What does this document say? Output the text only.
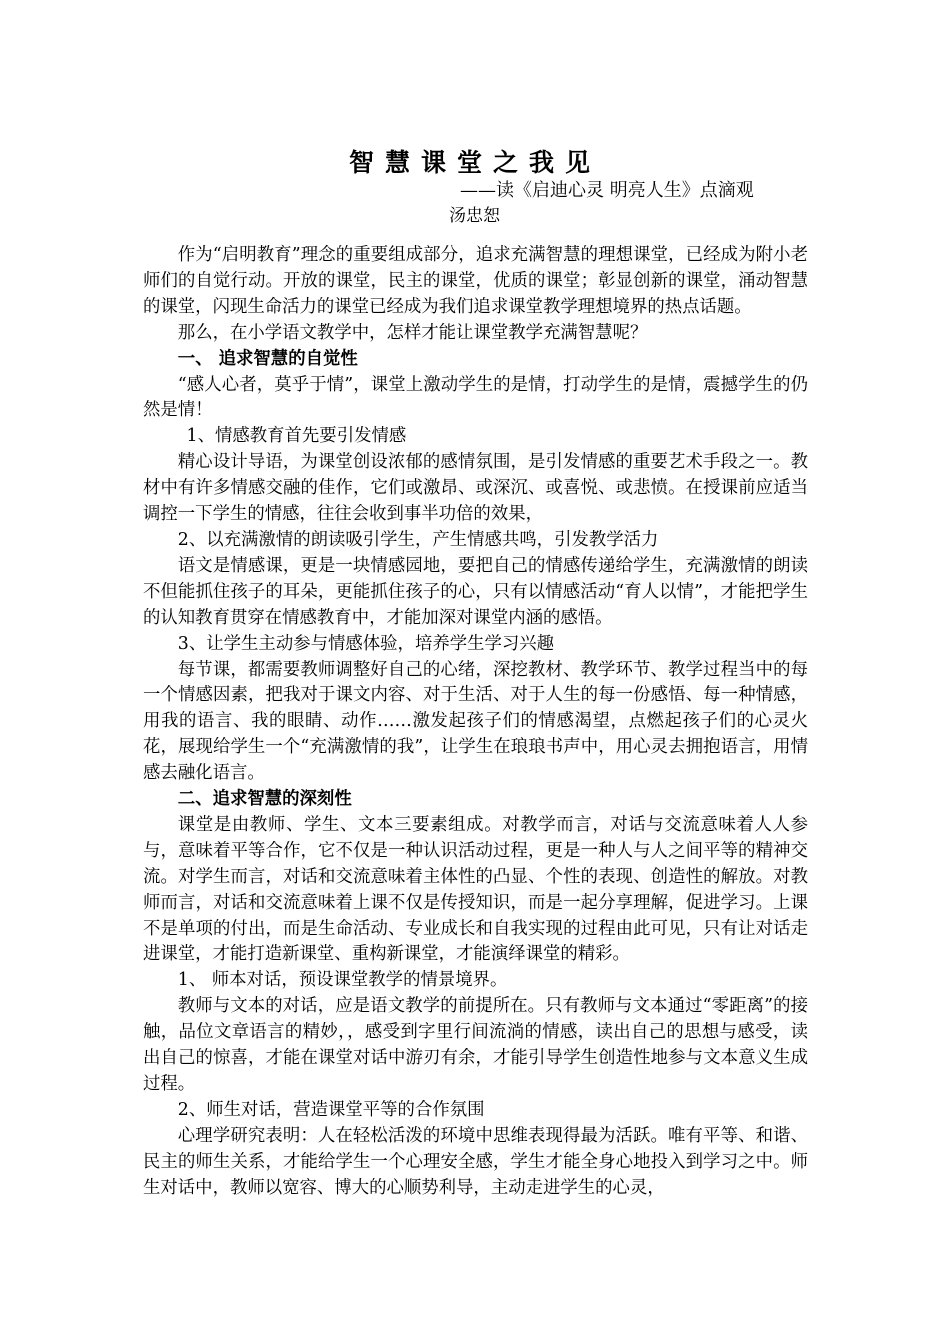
智慧课堂之我见
——读《启迪心灵 明亮人生》点滴观
汤忠恕

作为“启明教育”理念的重要组成部分，追求充满智慧的理想课堂，已经成为附小老师们的自觉行动。开放的课堂，民主的课堂，优质的课堂；彰显创新的课堂，涌动智慧的课堂，闪现生命活力的课堂已经成为我们追求课堂教学理想境界的热点话题。

那么，在小学语文教学中，怎样才能让课堂教学充满智慧呢？

一、 追求智慧的自觉性

“感人心者，莫乎于情”，课堂上激动学生的是情，打动学生的是情，震撼学生的仍然是情！

1、情感教育首先要引发情感

精心设计导语，为课堂创设浓郁的感情氛围，是引发情感的重要艺术手段之一。教材中有许多情感交融的佳作，它们或激昂、或深沉、或喜悦、或悲愤。在授课前应适当调控一下学生的情感，往往会收到事半功倍的效果，

2、以充满激情的朗读吸引学生，产生情感共鸣，引发教学活力

语文是情感课，更是一块情感园地，要把自己的情感传递给学生，充满激情的朗读不但能抓住孩子的耳朵，更能抓住孩子的心，只有以情感活动“育人以情”，才能把学生的认知教育贯穿在情感教育中，才能加深对课堂内涵的感悟。

3、让学生主动参与情感体验，培养学生学习兴趣

每节课，都需要教师调整好自己的心绪，深挖教材、教学环节、教学过程当中的每一个情感因素，把我对于课文内容、对于生活、对于人生的每一份感悟、每一种情感，用我的语言、我的眼睛、动作……激发起孩子们的情感渴望，点燃起孩子们的心灵火花，展现给学生一个“充满激情的我”，让学生在琅琅书声中，用心灵去拥抱语言，用情感去融化语言。

二、追求智慧的深刻性

课堂是由教师、学生、文本三要素组成。对教学而言，对话与交流意味着人人参与，意味着平等合作，它不仅是一种认识活动过程，更是一种人与人之间平等的精神交流。对学生而言，对话和交流意味着主体性的凸显、个性的表现、创造性的解放。对教师而言，对话和交流意味着上课不仅是传授知识，而是一起分享理解，促进学习。上课不是单项的付出，而是生命活动、专业成长和自我实现的过程由此可见，只有让对话走进课堂，才能打造新课堂、重构新课堂，才能演绎课堂的精彩。

1、 师本对话，预设课堂教学的情景境界。

教师与文本的对话，应是语文教学的前提所在。只有教师与文本通过“零距离”的接触，品位文章语言的精妙，，感受到字里行间流淌的情感，读出自己的思想与感受，读出自己的惊喜，才能在课堂对话中游刃有余，才能引导学生创造性地参与文本意义生成过程。

2、师生对话，营造课堂平等的合作氛围

心理学研究表明：人在轻松活泼的环境中思维表现得最为活跃。唯有平等、和谐、民主的师生关系，才能给学生一个心理安全感，学生才能全身心地投入到学习之中。师生对话中，教师以宽容、博大的心顺势利导，主动走进学生的心灵，
